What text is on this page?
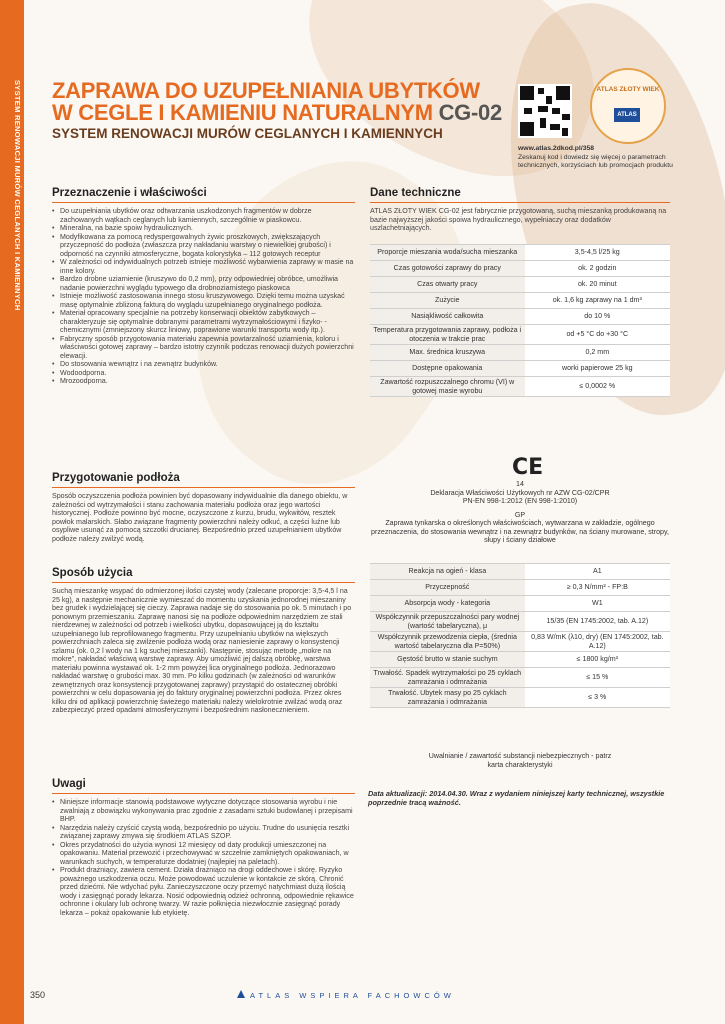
SYSTEM RENOWACJI MURÓW CEGLANYCH I KAMIENNYCH ZAPRAWA DO UZUPEŁNIANIA UBYTKÓW
W CEGLE I KAMIENIU NATURALNYM CG-02
SYSTEM RENOWACJI MURÓW CEGLANYCH I KAMIENNYCH
ATLAS ZŁOTY WIEK
ATLAS
www.atlas.2dkod.pl/358
Zeskanuj kod i dowiedz się więcej o parametrach technicznych, korzyściach lub promocjach produktu
Przeznaczenie i właściwości
• Do uzupełniania ubytków oraz odtwarzania uszkodzonych fragmentów w dobrze zachowanych wątkach ceglanych lub kamiennych, szczególnie w piaskowcu.
• Mineralna, na bazie spoiw hydraulicznych.
• Modyfikowana za pomocą redyspergowalnych żywic proszkowych, zwiększających przyczepność do podłoża (zwłaszcza przy nakładaniu warstwy o niewielkiej grubości) i odporność na czynniki atmosferyczne, bogata kolorystyka – 112 gotowych receptur
• W zależności od indywidualnych potrzeb istnieje możliwość wybarwienia zaprawy w masie na inne kolory.
• Bardzo drobne uziarnienie (kruszywo do 0,2 mm), przy odpowiedniej obróbce, umożliwia nadanie powierzchni wyglądu typowego dla drobnoziarnistego piaskowca
• Istnieje możliwość zastosowania innego stosu kruszywowego. Dzięki temu można uzyskać masę optymalnie zbliżoną fakturą do wyglądu uzupełnianego oryginalnego podłoża.
• Materiał opracowany specjalnie na potrzeby konserwacji obiektów zabytkowych – charakteryzuje się optymalnie dobranymi parametrami wytrzymałościowymi i fizyko- -chemicznymi (zmniejszony skurcz liniowy, poprawione warunki transportu wody itp.).
• Fabryczny sposób przygotowania materiału zapewnia powtarzalność uziarnienia, koloru i właściwości gotowej zaprawy – bardzo istotny czynnik podczas renowacji dużych powierzchni elewacji.
• Do stosowania wewnątrz i na zewnątrz budynków.
• Wodoodporna.
• Mrozoodporna.
Przygotowanie podłoża

Sposób oczyszczenia podłoża powinien być dopasowany indywidualnie dla danego obiektu, w zależności od wytrzymałości i stanu zachowania materiału podłoża oraz jego wartości historycznej. Podłoże powinno być mocne, oczyszczone z kurzu, brudu, wykwitów, resztek powłok malarskich. Słabo związane fragmenty powierzchni należy odkuć, a części luźne lub osypliwe usunąć za pomocą szczotki drucianej. Bezpośrednio przed uzupełnianiem ubytków podłoże należy zwilżyć wodą.

Sposób użycia

Suchą mieszankę wsypać do odmierzonej ilości czystej wody (zalecane proporcje: 3,5-4,5 l na 25 kg), a następnie mechanicznie wymieszać do momentu uzyskania jednorodnej mieszaniny bez grudek i wydzielającej się cieczy. Zaprawa nadaje się do stosowania po ok. 5 minutach i po ponownym przemieszaniu. Zaprawę nanosi się na podłoże odpowiednim narzędziem ze stali nierdzewnej w zależności od potrzeb i wielkości ubytku, dopasowującej ją do kształtu uzupełnianego lub reprofilowanego fragmentu. Przy uzupełnianiu ubytków na większych powierzchniach zaleca się zwilżenie podłoża wodą oraz naniesienie zaprawy o konsystencji szlamu (ok. 0,2 l wody na 1 kg suchej mieszanki). Następnie, stosując metodę „mokre na mokre”, nakładać właściwą warstwę zaprawy. Aby umożliwić jej dalszą obróbkę, warstwa materiału powinna wystawać ok. 1-2 mm powyżej lica oryginalnego podłoża. Jednorazowo nakładać warstwę o grubości max. 30 mm. Po kilku godzinach (w zależności od warunków zewnętrznych oraz konsystencji przygotowanej zaprawy) przystąpić do ostatecznej obróbki powierzchni w celu dopasowania jej do faktury oryginalnej powierzchni podłoża. Przez okres kilku dni od aplikacji powierzchnię świeżego materiału należy wielokrotnie zwilżać wodą oraz zabezpieczyć przed opadami atmosferycznymi i bezpośrednim nasłonecznieniem.

Uwagi
• Niniejsze informacje stanowią podstawowe wytyczne dotyczące stosowania wyrobu i nie zwalniają z obowiązku wykonywania prac zgodnie z zasadami sztuki budowlanej i przepisami BHP.
• Narzędzia należy czyścić czystą wodą, bezpośrednio po użyciu. Trudne do usunięcia resztki związanej zaprawy zmywa się środkiem ATLAS SZOP.
• Okres przydatności do użycia wynosi 12 miesięcy od daty produkcji umieszczonej na opakowaniu. Materiał przewozić i przechowywać w szczelnie zamkniętych opakowaniach, w warunkach suchych, w temperaturze dodatniej (najlepiej na paletach).
• Produkt drażniący, zawiera cement. Działa drażniąco na drogi oddechowe i skórę. Ryzyko poważnego uszkodzenia oczu. Może powodować uczulenie w kontakcie ze skórą. Chronić przed dziećmi. Nie wdychać pyłu. Zanieczyszczone oczy przemyć natychmiast dużą ilością wody i zasięgnąć porady lekarza. Nosić odpowiednią odzież ochronną, odpowiednie rękawice ochronne i okulary lub ochronę twarzy. W razie połknięcia niezwłocznie zasięgnąć porady lekarza – pokaż opakowanie lub etykietę.
Dane techniczne

ATLAS ZŁOTY WIEK CG-02 jest fabrycznie przygotowaną, suchą mieszanką produkowaną na bazie najwyższej jakości spoiwa hydraulicznego, wypełniaczy oraz dodatków uszlachetniających.

Proporcje mieszania woda/sucha mieszanka	3,5-4,5 l/25 kg
Czas gotowości zaprawy do pracy	ok. 2 godzin
Czas otwarty pracy	ok. 20 minut
Zużycie	ok. 1,6 kg zaprawy na 1 dm³
Nasiąkliwość całkowita	do 10 %
Temperatura przygotowania zaprawy, podłoża i otoczenia w trakcie prac	od +5 °C do +30 °C
Max. średnica kruszywa	0,2 mm
Dostępne opakowania	worki papierowe 25 kg
Zawartość rozpuszczalnego chromu (VI) w gotowej masie wyrobu	≤ 0,0002 %
CE
14
Deklaracja Właściwości Użytkowych nr AZW CG-02/CPR
PN-EN 998-1:2012 (EN 998-1:2010)
GP
Zaprawa tynkarska o określonych właściwościach, wytwarzana w zakładzie, ogólnego przeznaczenia, do stosowania wewnątrz i na zewnątrz budynków, na ściany murowane, stropy, słupy i ściany działowe
Reakcja na ogień - klasa	A1
Przyczepność	≥ 0,3 N/mm² - FP:B
Absorpcja wody - kategoria	W1
Współczynnik przepuszczalności pary wodnej (wartość tabelaryczna), μ	15/35 (EN 1745:2002, tab. A.12)
Współczynnik przewodzenia ciepła, (średnia wartość tabelaryczna dla P=50%)	0,83 W/mK (λ10, dry) (EN 1745:2002, tab. A.12)
Gęstość brutto w stanie suchym	≤ 1800 kg/m³
Trwałość. Spadek wytrzymałości po 25 cyklach zamrażania i odmrażania	≤ 15 %
Trwałość. Ubytek masy po 25 cyklach zamrażania i odmrażania	≤ 3 %
Uwalnianie / zawartość substancji niebezpiecznych - patrz karta charakterystyki
Data aktualizacji: 2014.04.30. Wraz z wydaniem niniejszej karty technicznej, wszystkie poprzednie tracą ważność.
350	ATLAS WSPIERA FACHOWCÓW
